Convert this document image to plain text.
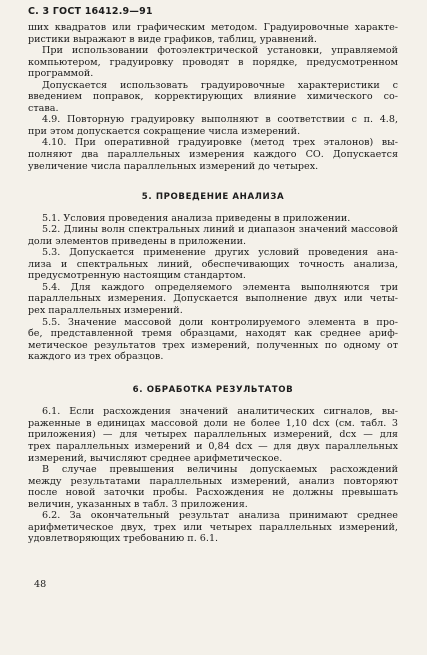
С. 3 ГОСТ 16412.9—91
ших квадратов или графическим методом. Градуировочные характе-
ристики выражают в виде графиков, таблиц, уравнений.
При использовании фотоэлектрической установки, управляемой
компьютером, градуировку проводят в порядке, предусмотренном
программой.
Допускается использовать градуировочные характеристики с
введением поправок, корректирующих влияние химического со-
става.
4.9. Повторную градуировку выполняют в соответствии с п. 4.8,
при этом допускается сокращение числа измерений.
4.10. При оперативной градуировке (метод трех эталонов) вы-
полняют два параллельных измерения каждого СО. Допускается
увеличение числа параллельных измерений до четырех.
5. ПРОВЕДЕНИЕ АНАЛИЗА
5.1. Условия проведения анализа приведены в приложении.
5.2. Длины волн спектральных линий и диапазон значений массовой
доли элементов приведены в приложении.
5.3. Допускается применение других условий проведения ана-
лиза и спектральных линий, обеспечивающих точность анализа,
предусмотренную настоящим стандартом.
5.4. Для каждого определяемого элемента выполняются три
параллельных измерения. Допускается выполнение двух или четы-
рех параллельных измерений.
5.5. Значение массовой доли контролируемого элемента в про-
бе, представленной тремя образцами, находят как среднее ариф-
метическое результатов трех измерений, полученных по одному от
каждого из трех образцов.
6. ОБРАБОТКА РЕЗУЛЬТАТОВ
6.1. Если расхождения значений аналитических сигналов, вы-
раженные в единицах массовой доли не более 1,10 dсх (см. табл. 3
приложения) — для четырех параллельных измерений, dсх — для
трех параллельных измерений и 0,84 dсх — для двух параллельных
измерений, вычисляют среднее арифметическое.
В случае превышения величины допускаемых расхождений
между результатами параллельных измерений, анализ повторяют
после новой заточки пробы. Расхождения не должны превышать
величин, указанных в табл. 3 приложения.
6.2. За окончательный результат анализа принимают среднее
арифметическое двух, трех или четырех параллельных измерений,
удовлетворяющих требованию п. 6.1.
48
